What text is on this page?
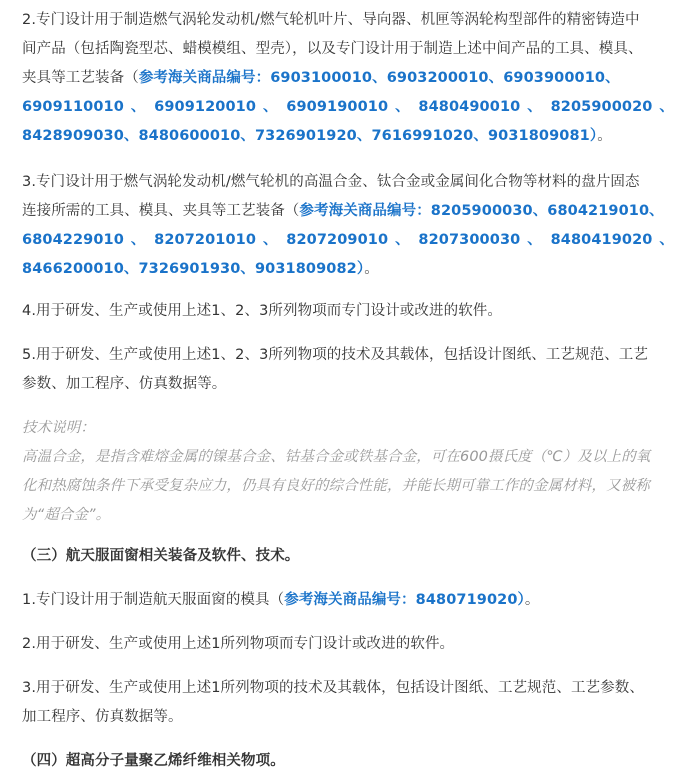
2.专门设计用于制造燃气涡轮发动机/燃气轮机叶片、导向器、机匣等涡轮构型部件的精密铸造中
间产品（包括陶瓷型芯、蜡模模组、型壳），以及专门设计用于制造上述中间产品的工具、模具、
夹具等工艺装备（参考海关商品编号：6903100010、6903200010、6903900010、
6909110010 、 6909120010 、 6909190010 、 8480490010 、 8205900020 、
8428909030、8480600010、7326901920、7616991020、9031809081）。
3.专门设计用于燃气涡轮发动机/燃气轮机的高温合金、钛合金或金属间化合物等材料的盘片固态
连接所需的工具、模具、夹具等工艺装备（参考海关商品编号：8205900030、6804219010、
6804229010 、 8207201010 、 8207209010 、 8207300030 、 8480419020 、
8466200010、7326901930、9031809082）。
4.用于研发、生产或使用上述1、2、3所列物项而专门设计或改进的软件。
5.用于研发、生产或使用上述1、2、3所列物项的技术及其载体，包括设计图纸、工艺规范、工艺
参数、加工程序、仿真数据等。
技术说明：
高温合金，是指含难熔金属的镍基合金、钴基合金或铁基合金，可在600摄氏度（℃）及以上的氧
化和热腐蚀条件下承受复杂应力，仍具有良好的综合性能，并能长期可靠工作的金属材料，又被称
为“超合金”。
（三）航天服面窗相关装备及软件、技术。
1.专门设计用于制造航天服面窗的模具（参考海关商品编号：8480719020）。
2.用于研发、生产或使用上述1所列物项而专门设计或改进的软件。
3.用于研发、生产或使用上述1所列物项的技术及其载体，包括设计图纸、工艺规范、工艺参数、
加工程序、仿真数据等。
（四）超高分子量聚乙烯纤维相关物项。
